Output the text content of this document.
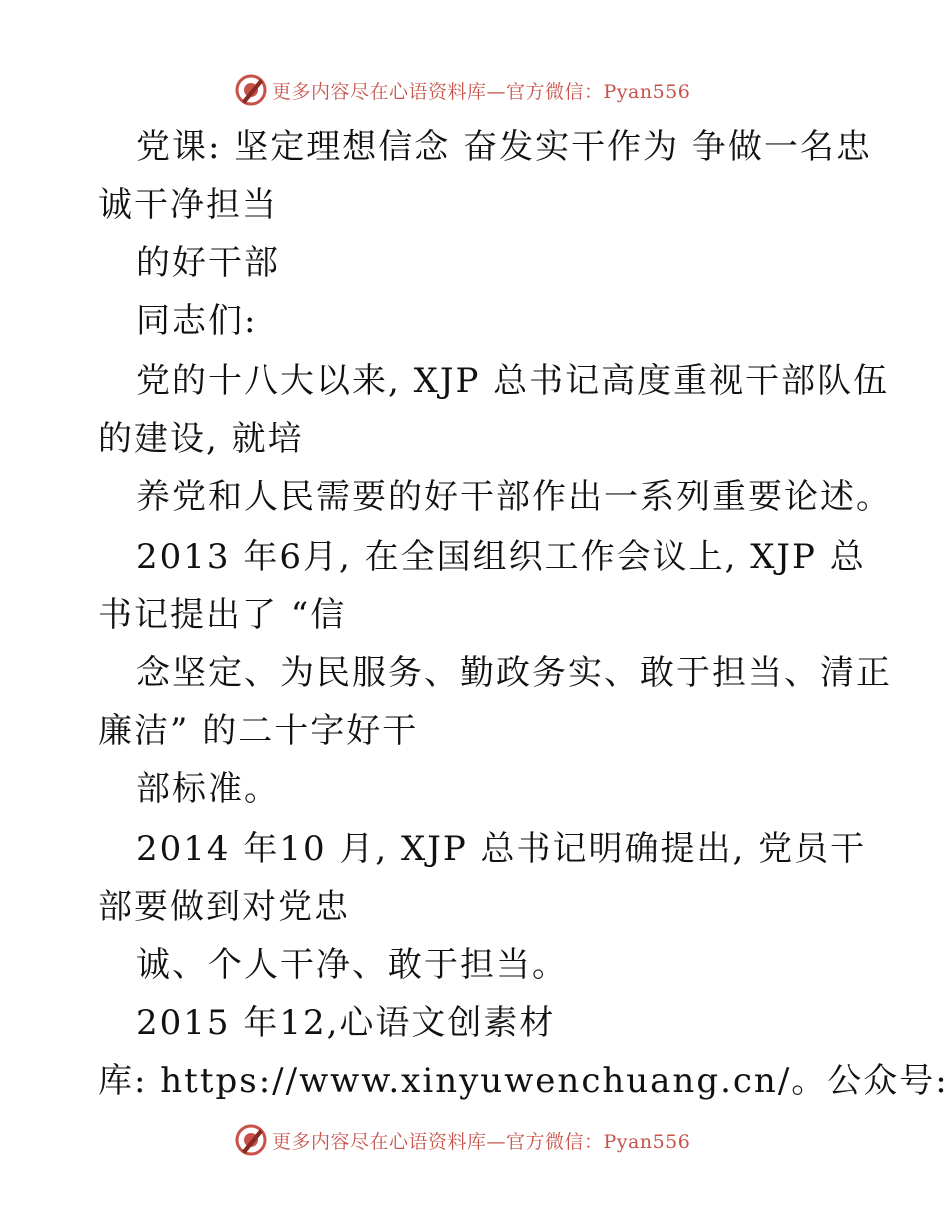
更多内容尽在心语资料库—官方微信：Pyan556
党课: 坚定理想信念 奋发实干作为 争做一名忠
诚干净担当
的好干部
同志们:
党的十八大以来, XJP 总书记高度重视干部队伍
的建设, 就培
养党和人民需要的好干部作出一系列重要论述。
2013 年6月, 在全国组织工作会议上, XJP 总
书记提出了 “信
念坚定、为民服务、勤政务实、敢于担当、清正
廉洁” 的二十字好干
部标准。
2014 年10 月, XJP 总书记明确提出, 党员干
部要做到对党忠
诚、个人干净、敢于担当。
2015 年12,心语文创素材
库: https://www.xinyuwenchuang.cn/。公众号:
更多内容尽在心语资料库—官方微信：Pyan556
